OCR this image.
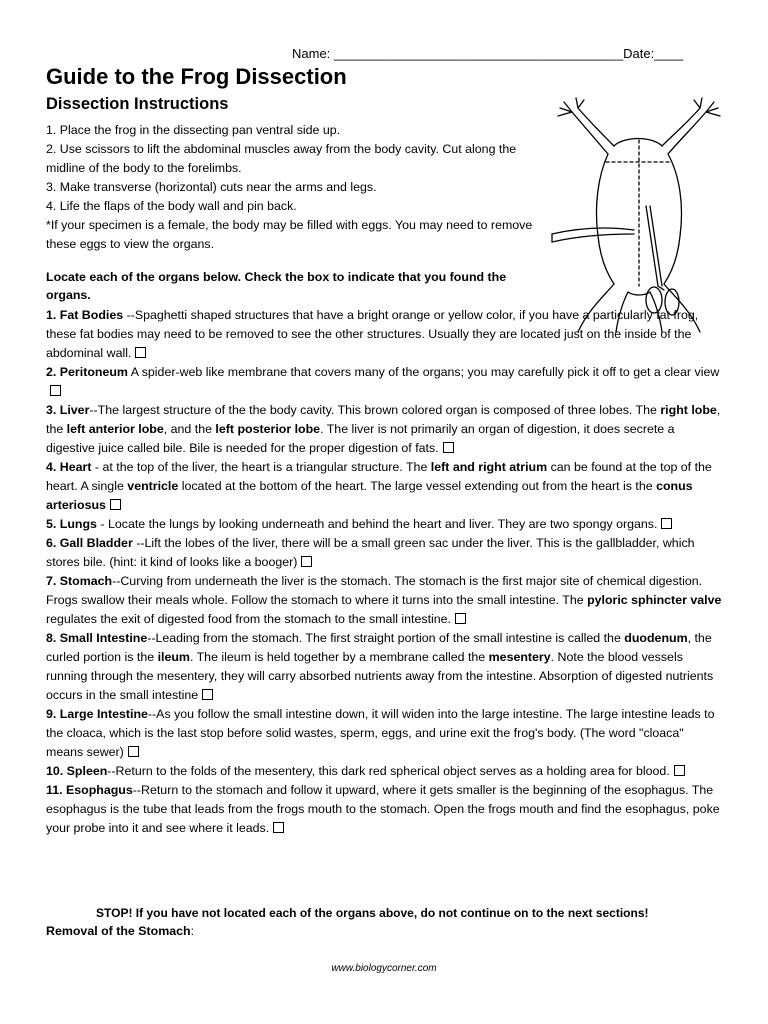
Name: ________________________________________Date:____
Guide to the Frog Dissection
Dissection Instructions
1. Place the frog in the dissecting pan ventral side up.
2. Use scissors to lift the abdominal muscles away from the body cavity. Cut along the midline of the body to the forelimbs.
3. Make transverse (horizontal) cuts near the arms and legs.
4. Life the flaps of the body wall and pin back.
*If your specimen is a female, the body may be filled with eggs. You may need to remove these eggs to view the organs.
Locate each of the organs below. Check the box to indicate that you found the organs.

1. Fat Bodies --Spaghetti shaped structures that have a bright orange or yellow color, if you have a particularly fat frog, these fat bodies may need to be removed to see the other structures. Usually they are located just on the inside of the abdominal wall.

2. Peritoneum A spider-web like membrane that covers many of the organs; you may carefully pick it off to get a clear view

3. Liver--The largest structure of the the body cavity. This brown colored organ is composed of three lobes. The right lobe, the left anterior lobe, and the left posterior lobe. The liver is not primarily an organ of digestion, it does secrete a digestive juice called bile. Bile is needed for the proper digestion of fats.

4. Heart - at the top of the liver, the heart is a triangular structure. The left and right atrium can be found at the top of the heart. A single ventricle located at the bottom of the heart. The large vessel extending out from the heart is the conus arteriosus

5. Lungs - Locate the lungs by looking underneath and behind the heart and liver. They are two spongy organs.

6. Gall Bladder --Lift the lobes of the liver, there will be a small green sac under the liver. This is the gallbladder, which stores bile. (hint: it kind of looks like a booger)

7. Stomach--Curving from underneath the liver is the stomach. The stomach is the first major site of chemical digestion. Frogs swallow their meals whole. Follow the stomach to where it turns into the small intestine. The pyloric sphincter valve regulates the exit of digested food from the stomach to the small intestine.

8. Small Intestine--Leading from the stomach. The first straight portion of the small intestine is called the duodenum, the curled portion is the ileum. The ileum is held together by a membrane called the mesentery. Note the blood vessels running through the mesentery, they will carry absorbed nutrients away from the intestine. Absorption of digested nutrients occurs in the small intestine

9. Large Intestine--As you follow the small intestine down, it will widen into the large intestine. The large intestine leads to the cloaca, which is the last stop before solid wastes, sperm, eggs, and urine exit the frog's body. (The word "cloaca" means sewer)

10. Spleen--Return to the folds of the mesentery, this dark red spherical object serves as a holding area for blood.

11. Esophagus--Return to the stomach and follow it upward, where it gets smaller is the beginning of the esophagus. The esophagus is the tube that leads from the frogs mouth to the stomach. Open the frogs mouth and find the esophagus, poke your probe into it and see where it leads.

STOP! If you have not located each of the organs above, do not continue on to the next sections!
Removal of the Stomach:
www.biologycorner.com
